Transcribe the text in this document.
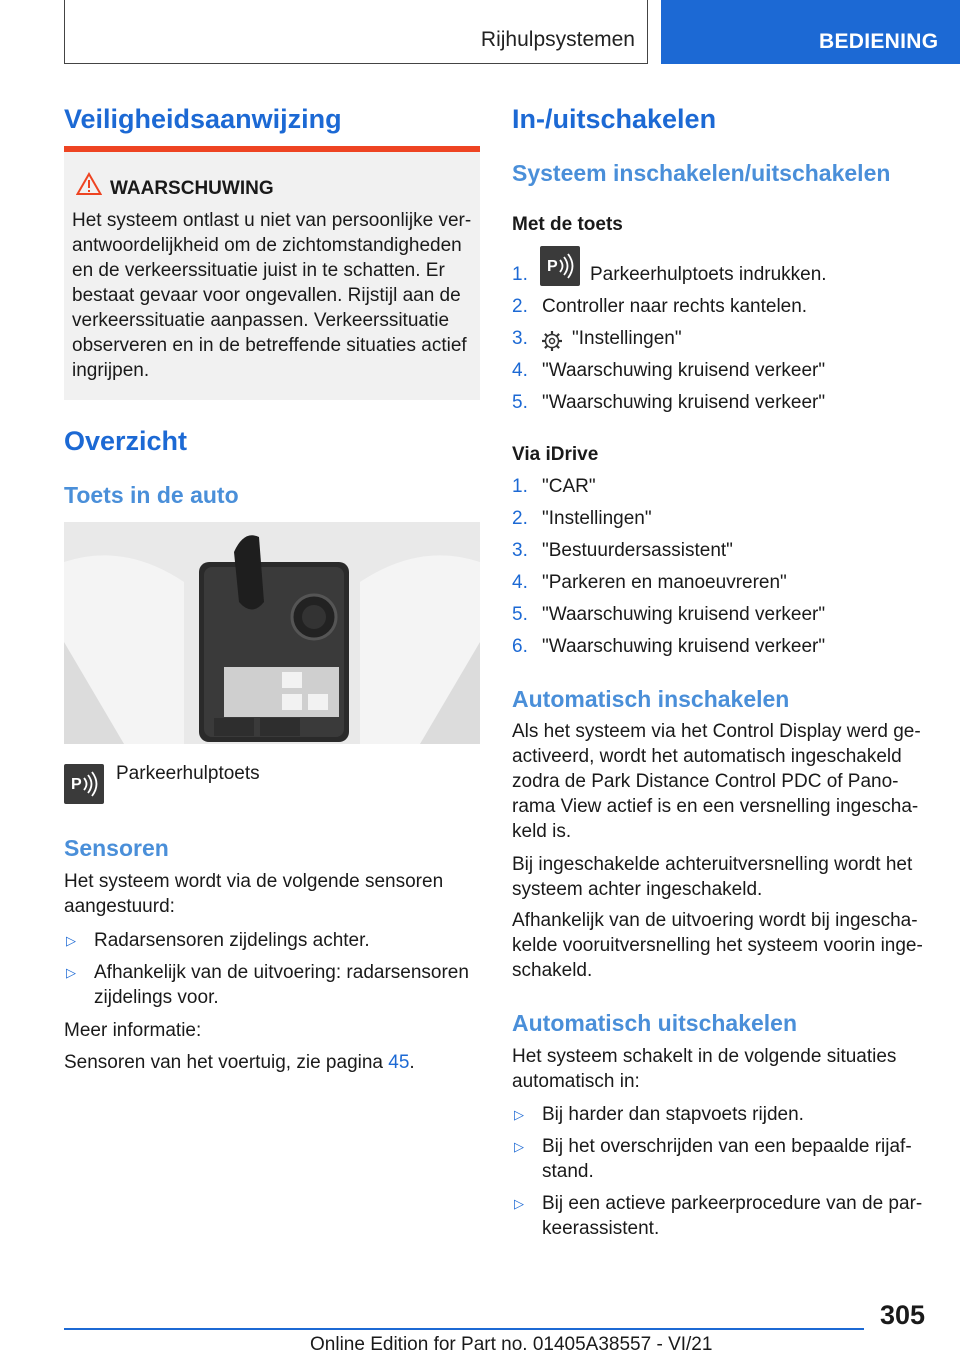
Rijhulpsystemen	BEDIENING
Veiligheidsaanwijzing
WAARSCHUWING
Het systeem ontlast u niet van persoonlijke ver-
antwoordelijkheid om de zichtomstandigheden
en de verkeerssituatie juist in te schatten. Er
bestaat gevaar voor ongevallen. Rijstijl aan de
verkeerssituatie aanpassen. Verkeerssituatie
observeren en in de betreffende situaties actief
ingrijpen.
Overzicht
Toets in de auto
P
Parkeerhulptoets
Sensoren
Het systeem wordt via de volgende sensoren
aangestuurd:
▷ Radarsensoren zijdelings achter.
▷ Afhankelijk van de uitvoering: radarsensoren
zijdelings voor.
Meer informatie:
Sensoren van het voertuig, zie pagina 45.
In-/uitschakelen
Systeem inschakelen/uitschakelen
Met de toets
1. P Parkeerhulptoets indrukken.
2. Controller naar rechts kantelen.
3. "Instellingen"
4. "Waarschuwing kruisend verkeer"
5. "Waarschuwing kruisend verkeer"
Via iDrive
1. "CAR"
2. "Instellingen"
3. "Bestuurdersassistent"
4. "Parkeren en manoeuvreren"
5. "Waarschuwing kruisend verkeer"
6. "Waarschuwing kruisend verkeer"
Automatisch inschakelen
Als het systeem via het Control Display werd ge-
activeerd, wordt het automatisch ingeschakeld
zodra de Park Distance Control PDC of Pano-
rama View actief is en een versnelling ingescha-
keld is.
Bij ingeschakelde achteruitversnelling wordt het
systeem achter ingeschakeld.
Afhankelijk van de uitvoering wordt bij ingescha-
kelde vooruitversnelling het systeem voorin inge-
schakeld.
Automatisch uitschakelen
Het systeem schakelt in de volgende situaties
automatisch in:
▷ Bij harder dan stapvoets rijden.
▷ Bij het overschrijden van een bepaalde rijaf-
stand.
▷ Bij een actieve parkeerprocedure van de par-
keerassistent.
305
Online Edition for Part no. 01405A38557 - VI/21
